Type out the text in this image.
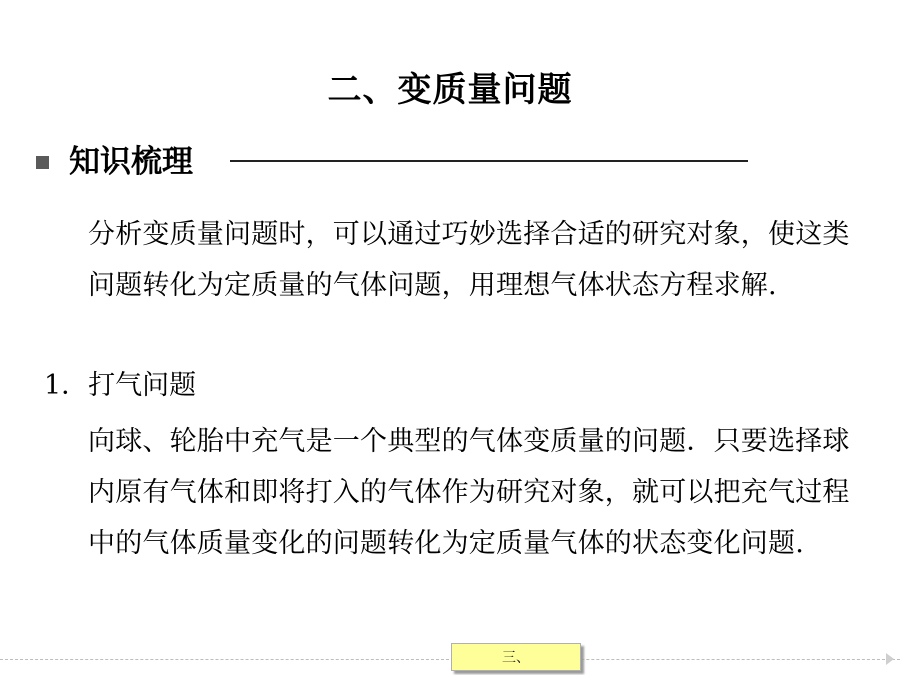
二、变质量问题
知识梳理
分析变质量问题时，可以通过巧妙选择合适的研究对象，使这类问题转化为定质量的气体问题，用理想气体状态方程求解.
1．打气问题
向球、轮胎中充气是一个典型的气体变质量的问题．只要选择球内原有气体和即将打入的气体作为研究对象，就可以把充气过程中的气体质量变化的问题转化为定质量气体的状态变化问题.
三、
